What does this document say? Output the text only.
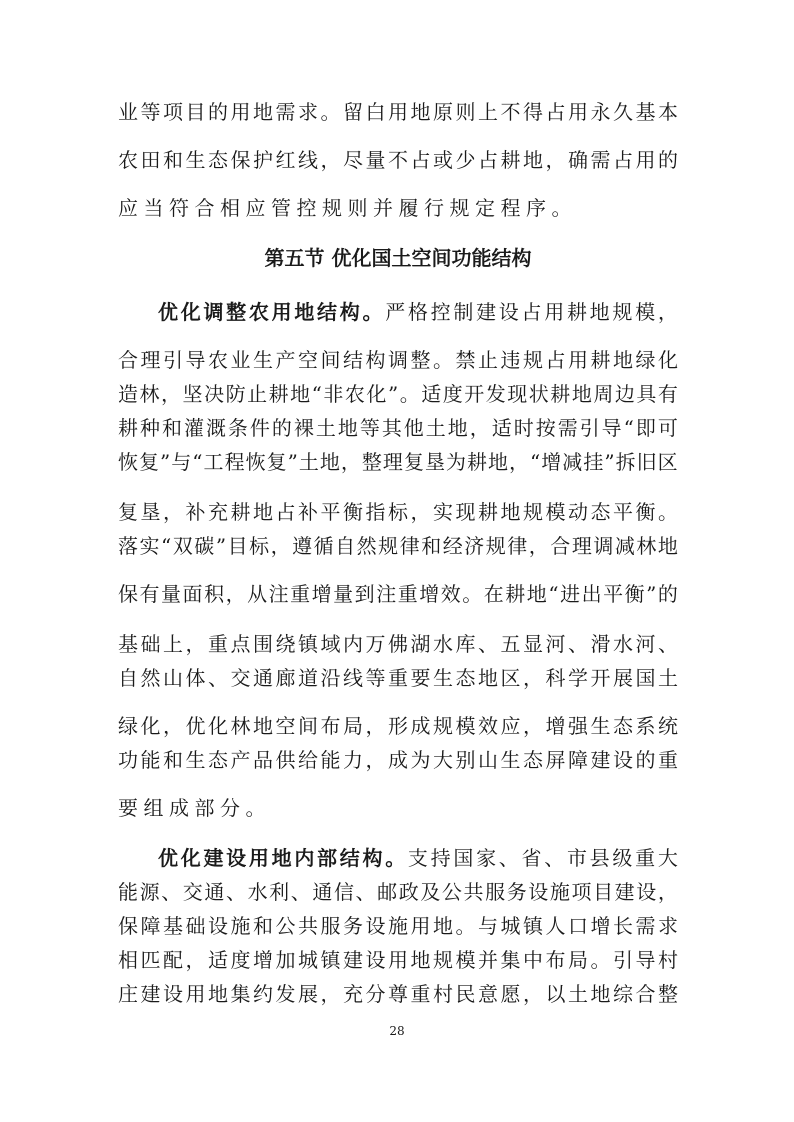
业 等 项 目 的 用 地 需 求 。 留 白 用 地 原 则 上 不 得 占 用 永 久 基 本
农 田 和 生 态 保 护 红 线 ， 尽 量 不 占 或 少 占 耕 地 ， 确 需 占 用 的
应当符合相应管控规则并履行规定程序。
第五节 优化国土空间功能结构
优 化 调 整 农 用 地 结 构 。 严 格 控 制 建 设 占 用 耕 地 规 模 ，
合 理 引 导 农 业 生 产 空 间 结 构 调 整 。 禁 止 违 规 占 用 耕 地 绿 化
造 林 ， 坚 决 防 止 耕 地 “ 非 农 化 ” 。 适 度 开 发 现 状 耕 地 周 边 具 有
耕 种 和 灌 溉 条 件 的 裸 土 地 等 其 他 土 地 ， 适 时 按 需 引 导 “ 即 可
恢 复 ” 与 “ 工 程 恢 复 ” 土 地 ， 整 理 复 垦 为 耕 地 ， “ 增 减 挂 ” 拆 旧 区
复 垦 ， 补 充 耕 地 占 补 平 衡 指 标 ， 实 现 耕 地 规 模 动 态 平 衡 。
落 实 “ 双 碳 ” 目 标 ， 遵 循 自 然 规 律 和 经 济 规 律 ， 合 理 调 减 林 地
保 有 量 面 积 ， 从 注 重 增 量 到 注 重 增 效 。 在 耕 地 “ 进 出 平 衡 ” 的
基 础 上 ， 重 点 围 绕 镇 域 内 万 佛 湖 水 库 、 五 显 河 、 滑 水 河 、
自 然 山 体 、 交 通 廊 道 沿 线 等 重 要 生 态 地 区 ， 科 学 开 展 国 土
绿 化 ， 优 化 林 地 空 间 布 局 ， 形 成 规 模 效 应 ， 增 强 生 态 系 统
功 能 和 生 态 产 品 供 给 能 力 ， 成 为 大 别 山 生 态 屏 障 建 设 的 重
要组成部分。
优 化 建 设 用 地 内 部 结 构 。 支 持 国 家 、 省 、 市 县 级 重 大
能 源 、 交 通 、 水 利 、 通 信 、 邮 政 及 公 共 服 务 设 施 项 目 建 设 ，
保 障 基 础 设 施 和 公 共 服 务 设 施 用 地 。 与 城 镇 人 口 增 长 需 求
相 匹 配 ， 适 度 增 加 城 镇 建 设 用 地 规 模 并 集 中 布 局 。 引 导 村
庄 建 设 用 地 集 约 发 展 ， 充 分 尊 重 村 民 意 愿 ， 以 土 地 综 合 整
28
